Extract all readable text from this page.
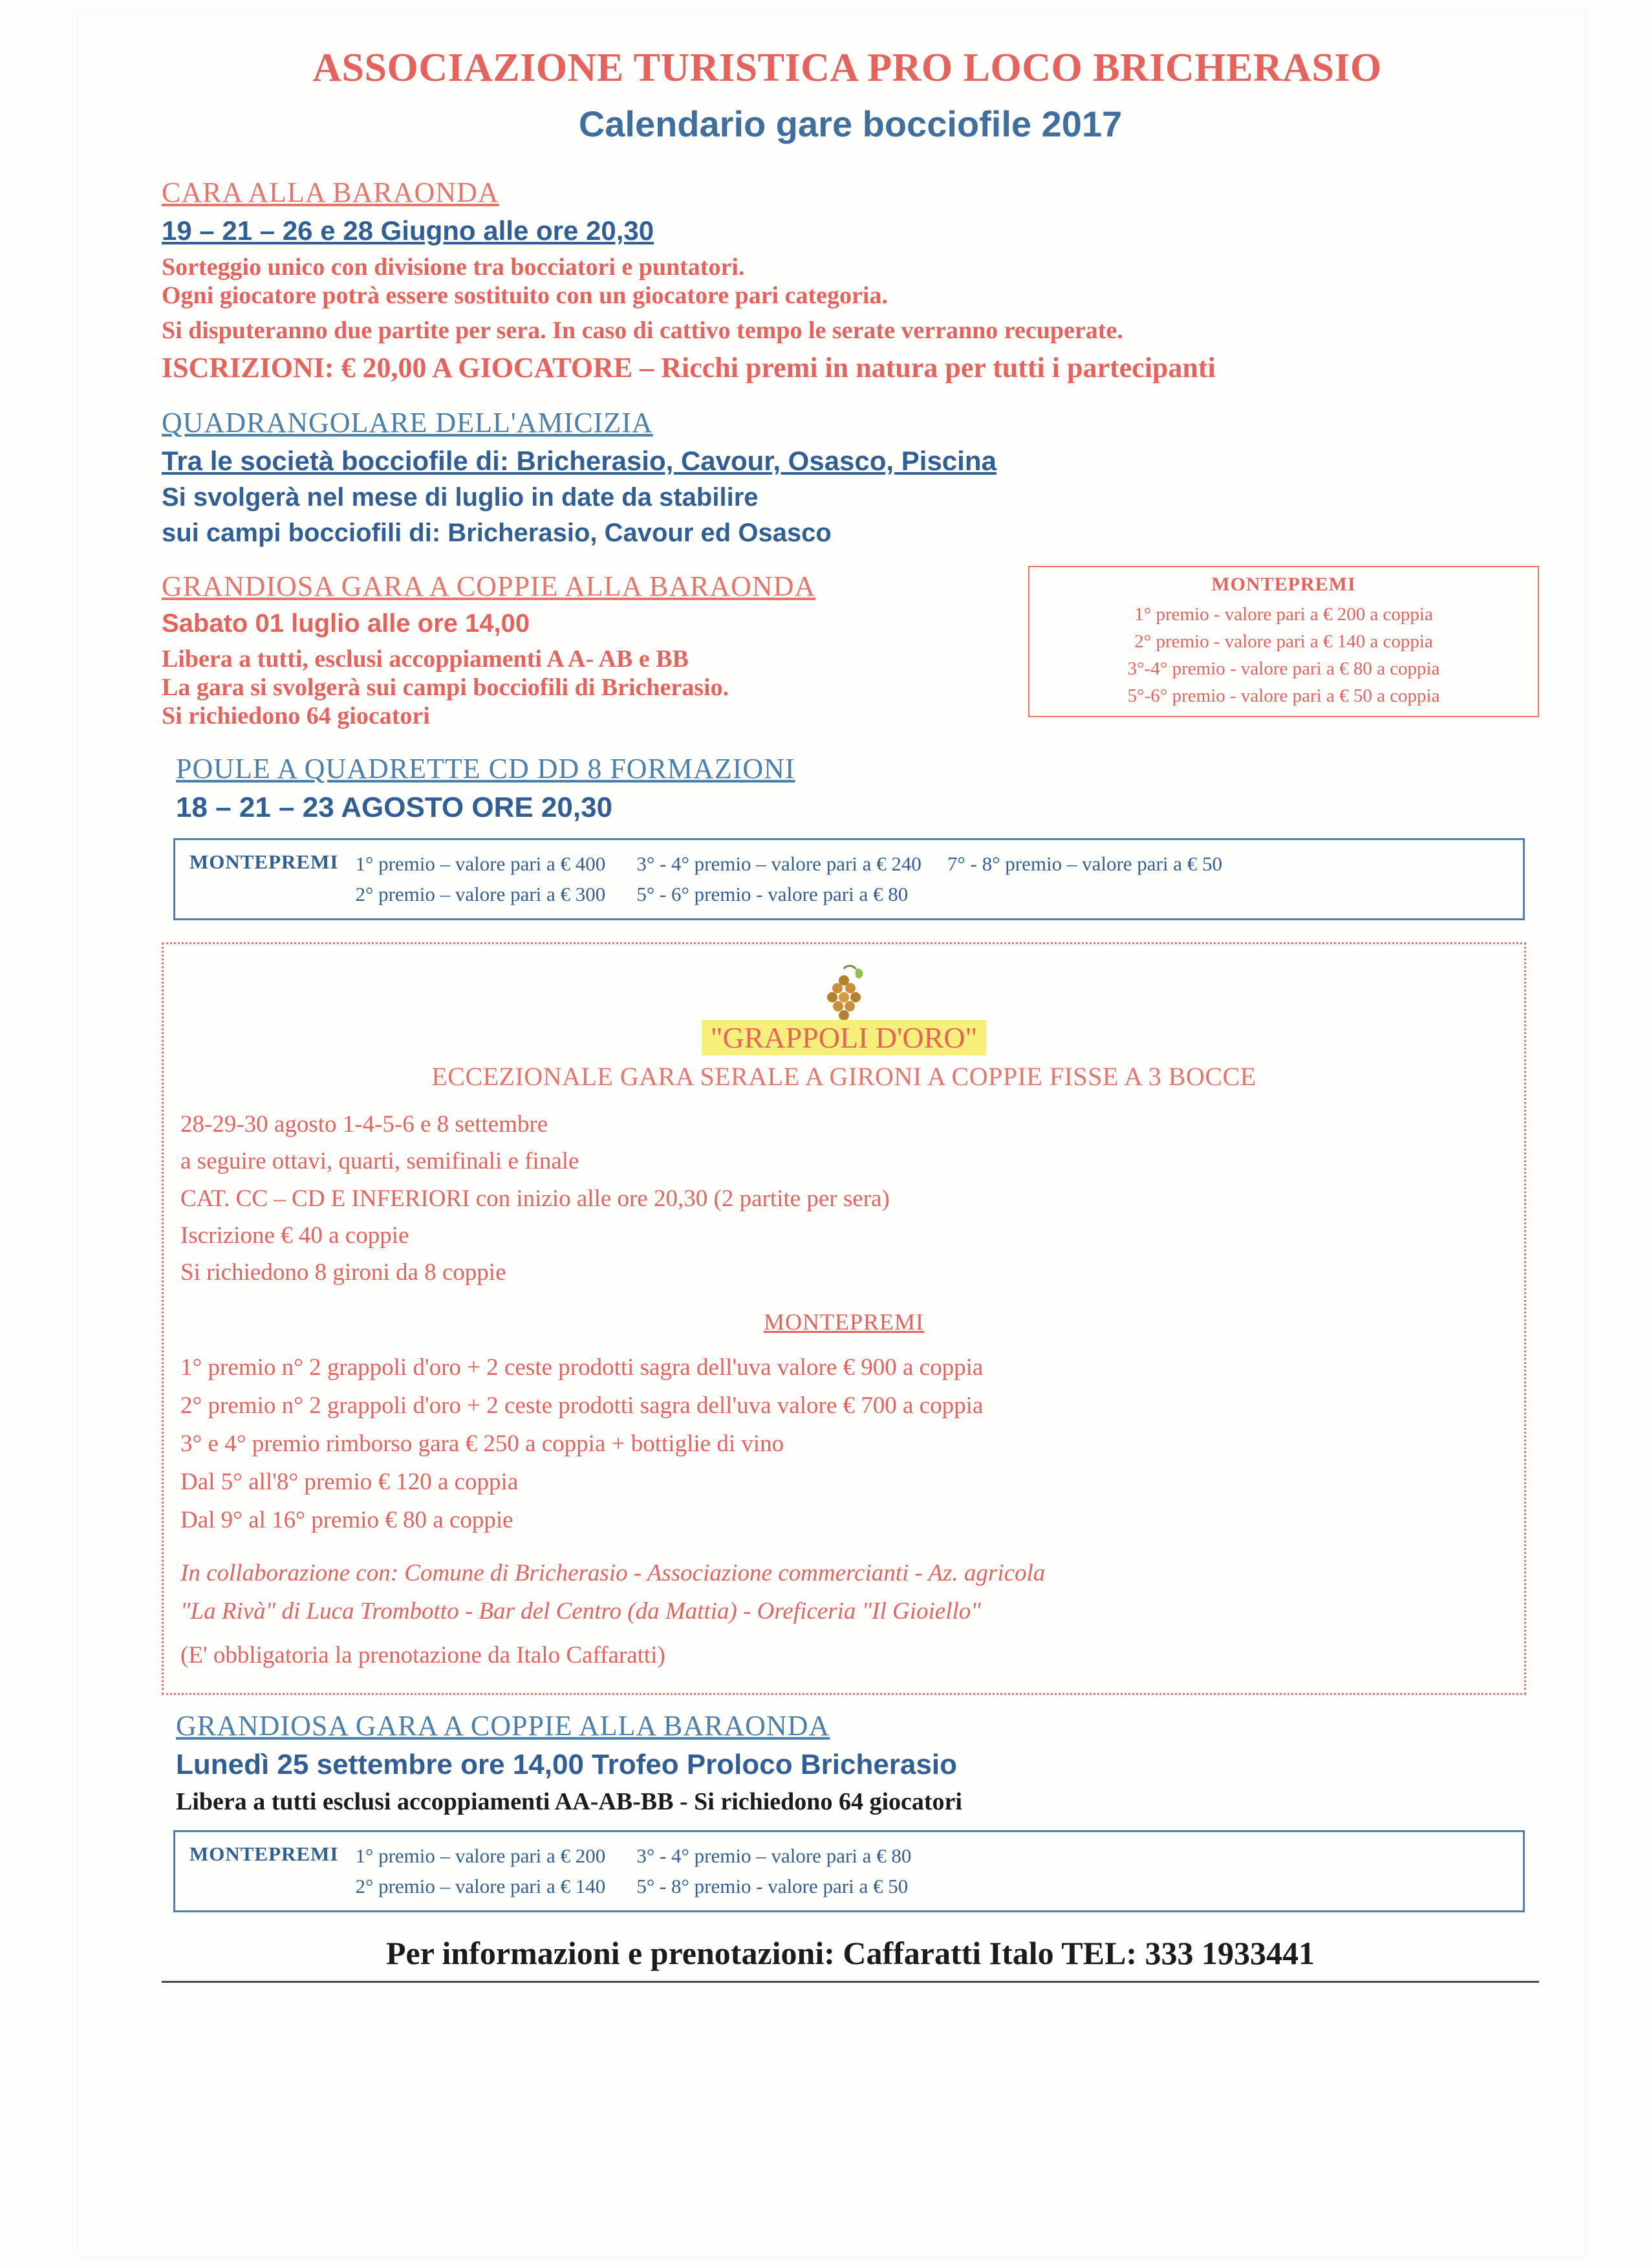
ASSOCIAZIONE TURISTICA PRO LOCO BRICHERASIO
Calendario gare bocciofile 2017
CARA ALLA BARAONDA
19 – 21 – 26 e 28 Giugno alle ore 20,30
Sorteggio unico con divisione tra bocciatori e puntatori.
Ogni giocatore potrà essere sostituito con un giocatore pari categoria.
Si disputeranno due partite per sera. In caso di cattivo tempo le serate verranno recuperate.
ISCRIZIONI: € 20,00 A GIOCATORE – Ricchi premi in natura per tutti i partecipanti
QUADRANGOLARE DELL'AMICIZIA
Tra le società bocciofile di: Bricherasio, Cavour, Osasco, Piscina
Si svolgerà nel mese di luglio in date da stabilire
sui campi bocciofili di: Bricherasio, Cavour ed Osasco
GRANDIOSA GARA A COPPIE ALLA BARAONDA
Sabato 01 luglio alle ore 14,00
Libera a tutti, esclusi accoppiamenti A A- AB e BB
La gara si svolgerà sui campi bocciofili di Bricherasio.
Si richiedono 64 giocatori
MONTEPREMI
1° premio - valore pari a € 200 a coppia
2° premio - valore pari a € 140 a coppia
3°-4° premio - valore pari a € 80 a coppia
5°-6° premio - valore pari a € 50 a coppia
POULE A QUADRETTE CD DD 8 FORMAZIONI
18 – 21 – 23 AGOSTO ORE 20,30
MONTEPREMI 1° premio – valore pari a € 400
2° premio – valore pari a € 300
3° - 4° premio – valore pari a € 240
5° - 6° premio - valore pari a € 80
7° - 8° premio – valore pari a € 50
"GRAPPOLI D'ORO"
ECCEZIONALE GARA SERALE A GIRONI A COPPIE FISSE A 3 BOCCE
28-29-30 agosto 1-4-5-6 e 8 settembre
a seguire ottavi, quarti, semifinali e finale
CAT. CC – CD E INFERIORI con inizio alle ore 20,30 (2 partite per sera)
Iscrizione € 40 a coppie
Si richiedono 8 gironi da 8 coppie
MONTEPREMI
1° premio n° 2 grappoli d'oro + 2 ceste prodotti sagra dell'uva valore € 900 a coppia
2° premio n° 2 grappoli d'oro + 2 ceste prodotti sagra dell'uva valore € 700 a coppia
3° e 4° premio rimborso gara € 250 a coppia + bottiglie di vino
Dal 5° all'8° premio € 120 a coppia
Dal 9° al 16° premio € 80 a coppie
In collaborazione con: Comune di Bricherasio - Associazione commercianti - Az. agricola
"La Rivà" di Luca Trombotto - Bar del Centro (da Mattia) - Oreficeria "Il Gioiello"
(E' obbligatoria la prenotazione da Italo Caffaratti)
GRANDIOSA GARA A COPPIE ALLA BARAONDA
Lunedì 25 settembre ore 14,00 Trofeo Proloco Bricherasio
Libera a tutti esclusi accoppiamenti AA-AB-BB - Si richiedono 64 giocatori
MONTEPREMI 1° premio – valore pari a € 200
2° premio – valore pari a € 140
3° - 4° premio – valore pari a € 80
5° - 8° premio - valore pari a € 50
Per informazioni e prenotazioni: Caffaratti Italo TEL: 333 1933441
